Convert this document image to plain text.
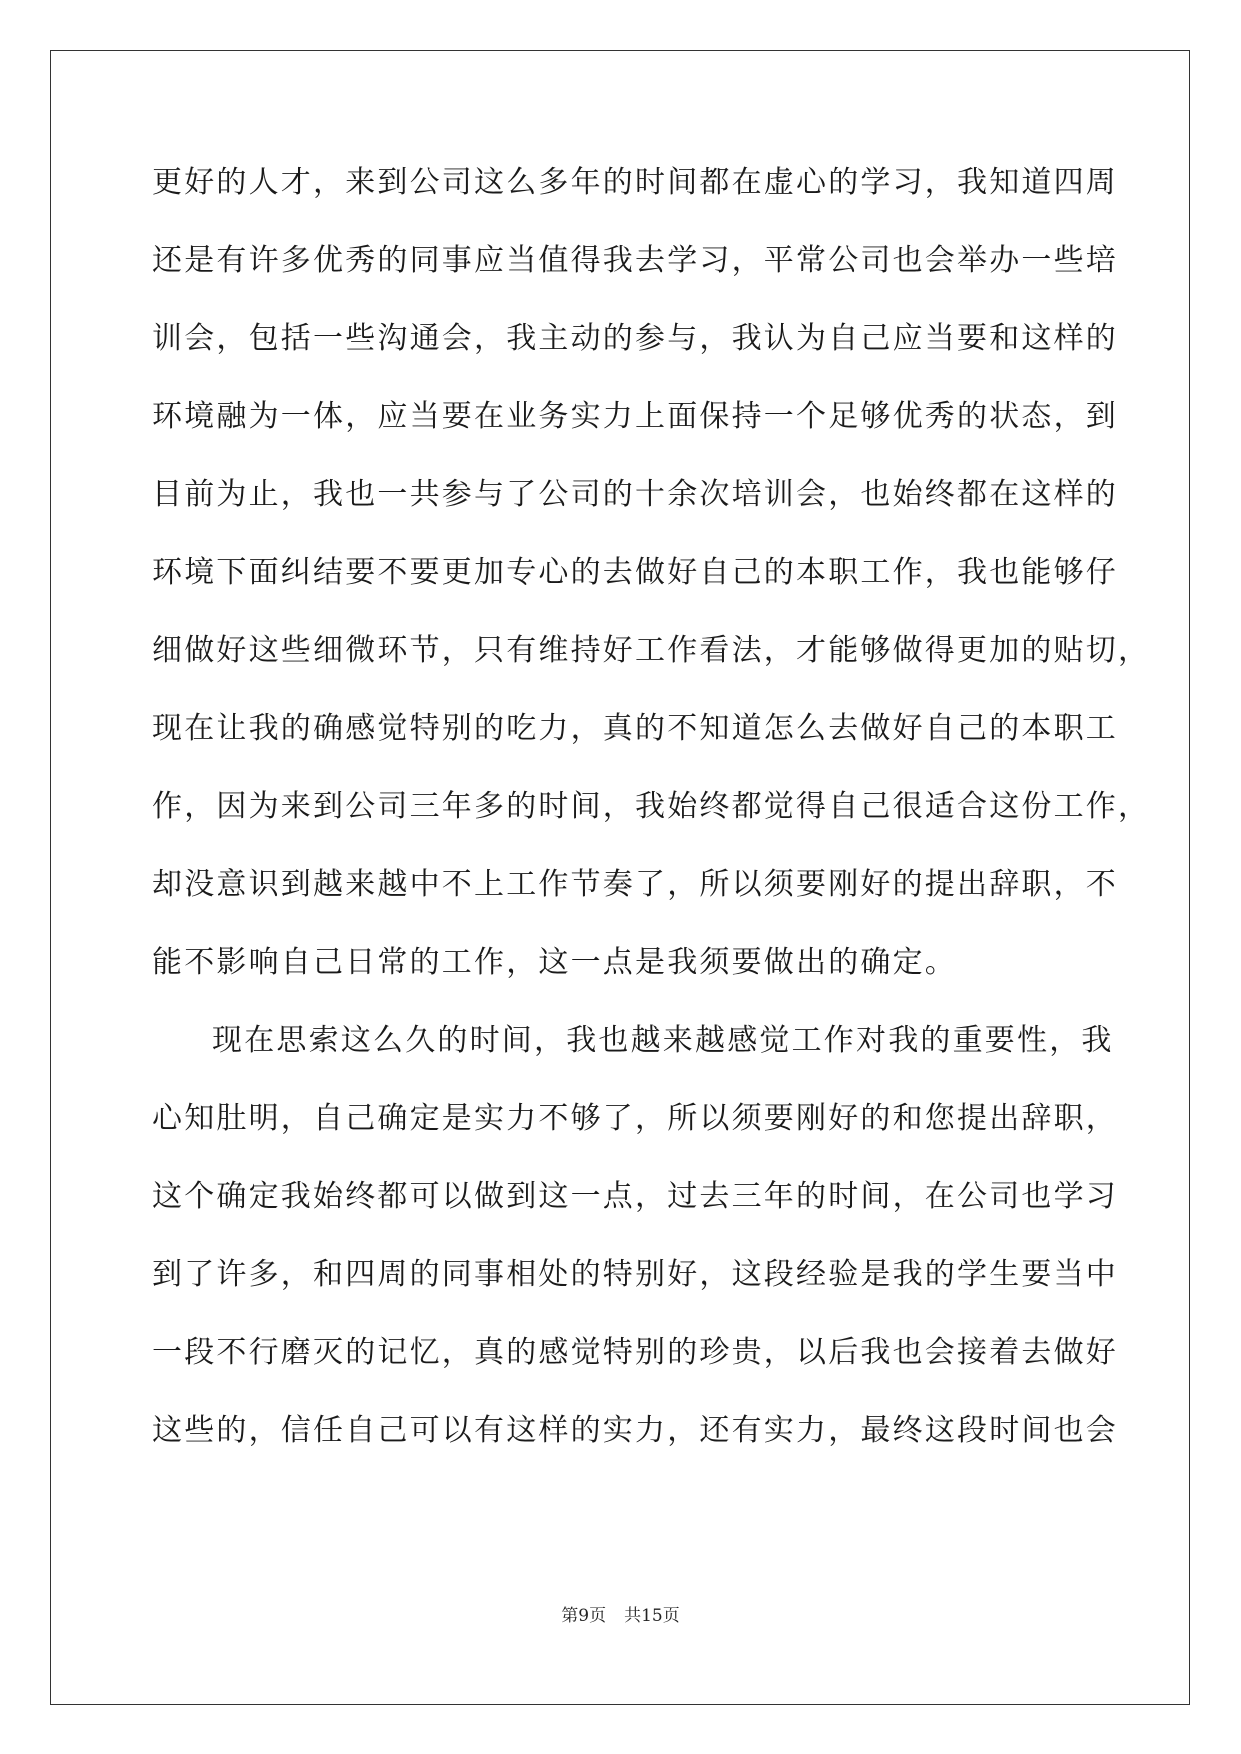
更好的人才，来到公司这么多年的时间都在虚心的学习，我知道四周
还是有许多优秀的同事应当值得我去学习，平常公司也会举办一些培
训会，包括一些沟通会，我主动的参与，我认为自己应当要和这样的
环境融为一体，应当要在业务实力上面保持一个足够优秀的状态，到
目前为止，我也一共参与了公司的十余次培训会，也始终都在这样的
环境下面纠结要不要更加专心的去做好自己的本职工作，我也能够仔
细做好这些细微环节，只有维持好工作看法，才能够做得更加的贴切，
现在让我的确感觉特别的吃力，真的不知道怎么去做好自己的本职工
作，因为来到公司三年多的时间，我始终都觉得自己很适合这份工作，
却没意识到越来越中不上工作节奏了，所以须要刚好的提出辞职，不
能不影响自己日常的工作，这一点是我须要做出的确定。
现在思索这么久的时间，我也越来越感觉工作对我的重要性，我
心知肚明，自己确定是实力不够了，所以须要刚好的和您提出辞职，
这个确定我始终都可以做到这一点，过去三年的时间，在公司也学习
到了许多，和四周的同事相处的特别好，这段经验是我的学生要当中
一段不行磨灭的记忆，真的感觉特别的珍贵，以后我也会接着去做好
这些的，信任自己可以有这样的实力，还有实力，最终这段时间也会
第9页 共15页
